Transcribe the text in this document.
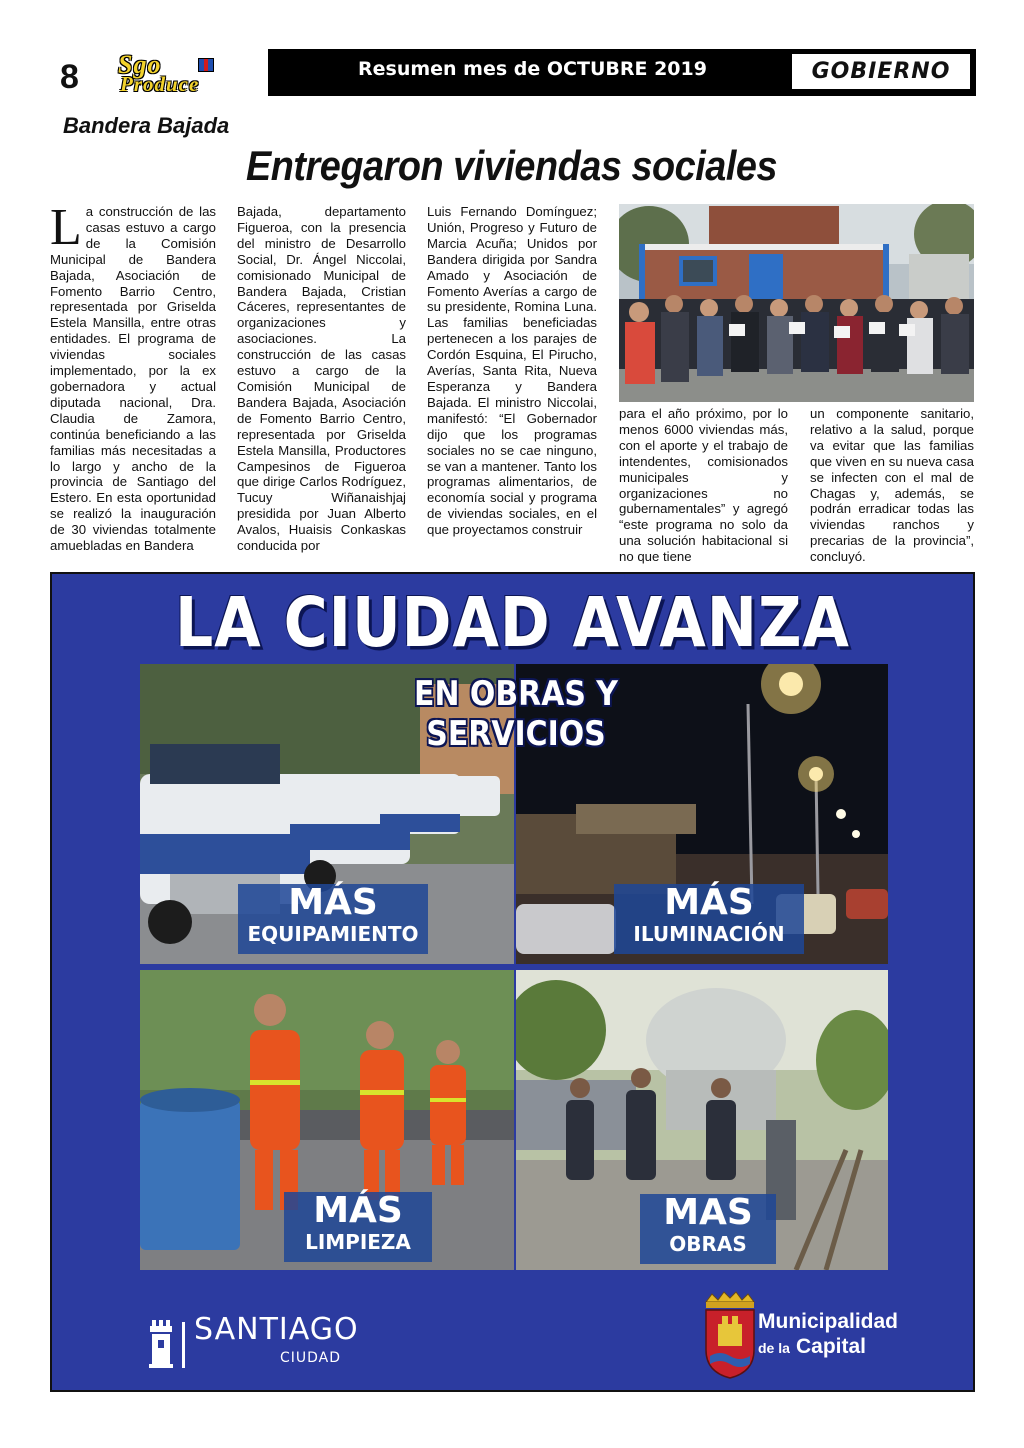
8 Sgo
Produce
Resumen mes de OCTUBRE 2019	GOBIERNO
Bandera Bajada
Entregaron viviendas sociales
L a construcción de las casas estuvo a cargo de la Comisión Municipal de Bandera Bajada, Asociación de Fomento Barrio Centro, representada por Griselda Estela Mansilla, entre otras entidades. El programa de viviendas sociales implementado, por la ex gobernadora y actual diputada nacional, Dra. Claudia de Zamora, continúa beneficiando a las familias más necesitadas a lo largo y ancho de la provincia de Santiago del Estero. En esta oportunidad se realizó la inauguración de 30 viviendas totalmente amuebladas en Bandera

Bajada, departamento Figueroa, con la presencia del ministro de Desarrollo Social, Dr. Ángel Niccolai, comisionado Municipal de Bandera Bajada, Cristian Cáceres, representantes de organizaciones y asociaciones. La construcción de las casas estuvo a cargo de la Comisión Municipal de Bandera Bajada, Asociación de Fomento Barrio Centro, representada por Griselda Estela Mansilla, Productores Campesinos de Figueroa que dirige Carlos Rodríguez, Tucuy Wiñanaishjaj presidida por Juan Alberto Avalos, Huaisis Conkaskas conducida por

Luis Fernando Domínguez; Unión, Progreso y Futuro de Marcia Acuña; Unidos por Bandera dirigida por Sandra Amado y Asociación de Fomento Averías a cargo de su presidente, Romina Luna. Las familias beneficiadas pertenecen a los parajes de Cordón Esquina, El Pirucho, Averías, Santa Rita, Nueva Esperanza y Bandera Bajada. El ministro Niccolai, manifestó: “El Gobernador dijo que los programas sociales no se cae ninguno, se van a mantener. Tanto los programas alimentarios, de economía social y programa de viviendas sociales, en el que proyectamos construir

para el año próximo, por lo menos 6000 viviendas más, con el aporte y el trabajo de intendentes, comisionados municipales y organizaciones no gubernamentales” y agregó “este programa no solo da una solución habitacional si no que tiene

un componente sanitario, relativo a la salud, porque va evitar que las familias que viven en su nueva casa se infecten con el mal de Chagas y, además, se podrán erradicar todas las viviendas ranchos y precarias de la provincia”, concluyó.

MÁS
EQUIPAMIENTO
MÁS
ILUMINACIÓN
MÁS
LIMPIEZA
MAS
OBRAS
LA CIUDAD AVANZA
EN OBRAS Y SERVICIOS
SANTIAGO
CIUDAD
Municipalidad
de la Capital
